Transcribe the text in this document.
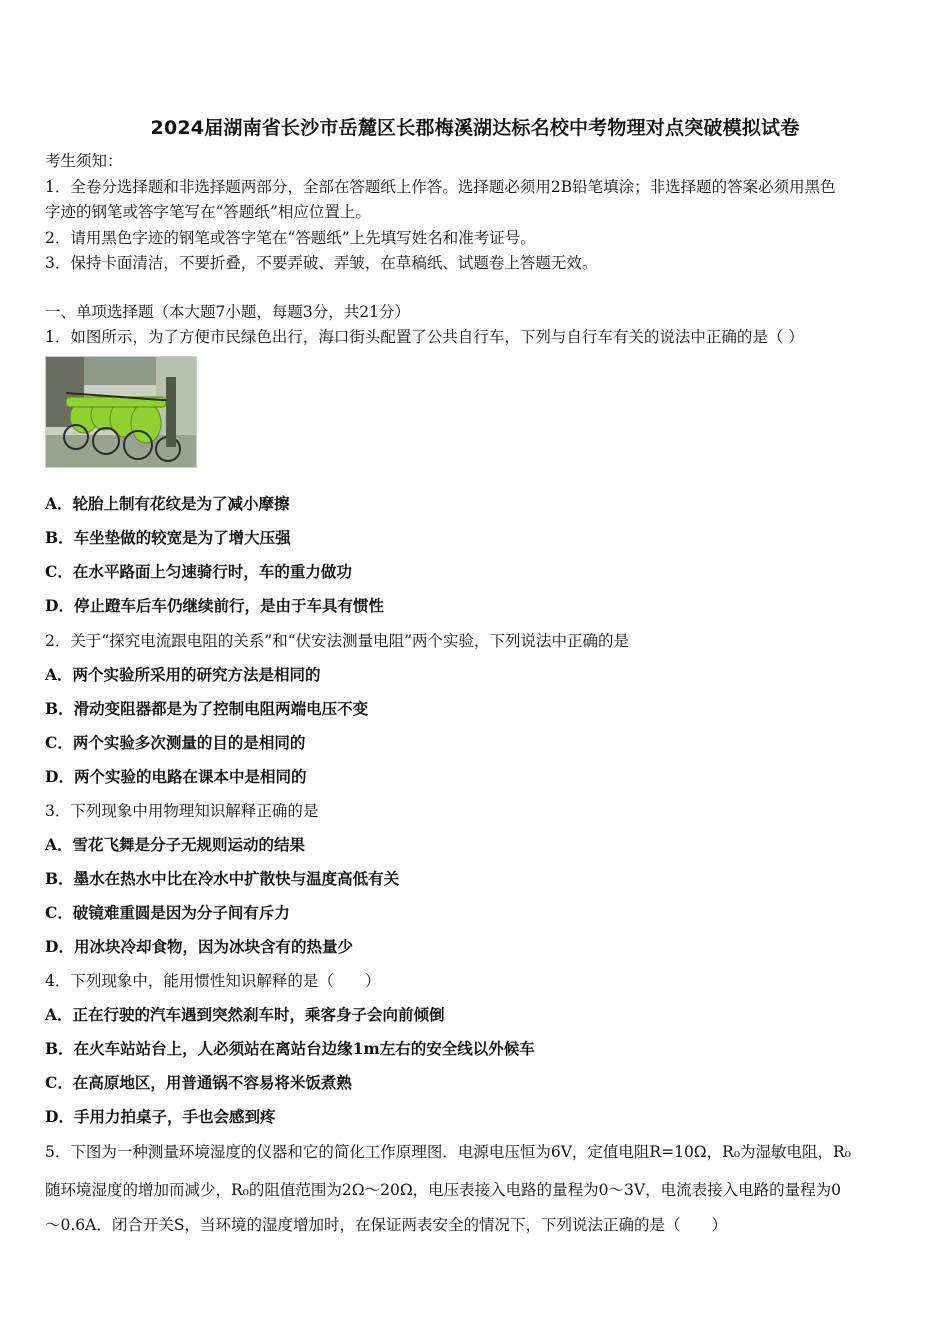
2024届湖南省长沙市岳麓区长郡梅溪湖达标名校中考物理对点突破模拟试卷
考生须知：
1．全卷分选择题和非选择题两部分，全部在答题纸上作答。选择题必须用2B铅笔填涂；非选择题的答案必须用黑色
字迹的钢笔或答字笔写在“答题纸”相应位置上。
2．请用黑色字迹的钢笔或答字笔在“答题纸”上先填写姓名和准考证号。
3．保持卡面清洁，不要折叠，不要弄破、弄皱，在草稿纸、试题卷上答题无效。
一、单项选择题（本大题7小题，每题3分，共21分）
1．如图所示，为了方便市民绿色出行，海口街头配置了公共自行车，下列与自行车有关的说法中正确的是（ ）
A．轮胎上制有花纹是为了减小摩擦
B．车坐垫做的较宽是为了增大压强
C．在水平路面上匀速骑行时，车的重力做功
D．停止蹬车后车仍继续前行，是由于车具有惯性
2．关于“探究电流跟电阻的关系”和“伏安法测量电阻”两个实验，下列说法中正确的是
A．两个实验所采用的研究方法是相同的
B．滑动变阻器都是为了控制电阻两端电压不变
C．两个实验多次测量的目的是相同的
D．两个实验的电路在课本中是相同的
3．下列现象中用物理知识解释正确的是
A．雪花飞舞是分子无规则运动的结果
B．墨水在热水中比在冷水中扩散快与温度高低有关
C．破镜难重圆是因为分子间有斥力
D．用冰块冷却食物，因为冰块含有的热量少
4．下列现象中，能用惯性知识解释的是（　　）
A．正在行驶的汽车遇到突然刹车时，乘客身子会向前倾倒
B．在火车站站台上，人必须站在离站台边缘1m左右的安全线以外候车
C．在高原地区，用普通锅不容易将米饭煮熟
D．手用力拍桌子，手也会感到疼
5．下图为一种测量环境湿度的仪器和它的简化工作原理图．电源电压恒为6V，定值电阻R=10Ω，R₀为湿敏电阻，R₀
随环境湿度的增加而减少，R₀的阻值范围为2Ω～20Ω，电压表接入电路的量程为0～3V，电流表接入电路的量程为0
～0.6A．闭合开关S，当环境的湿度增加时，在保证两表安全的情况下，下列说法正确的是（　　）
